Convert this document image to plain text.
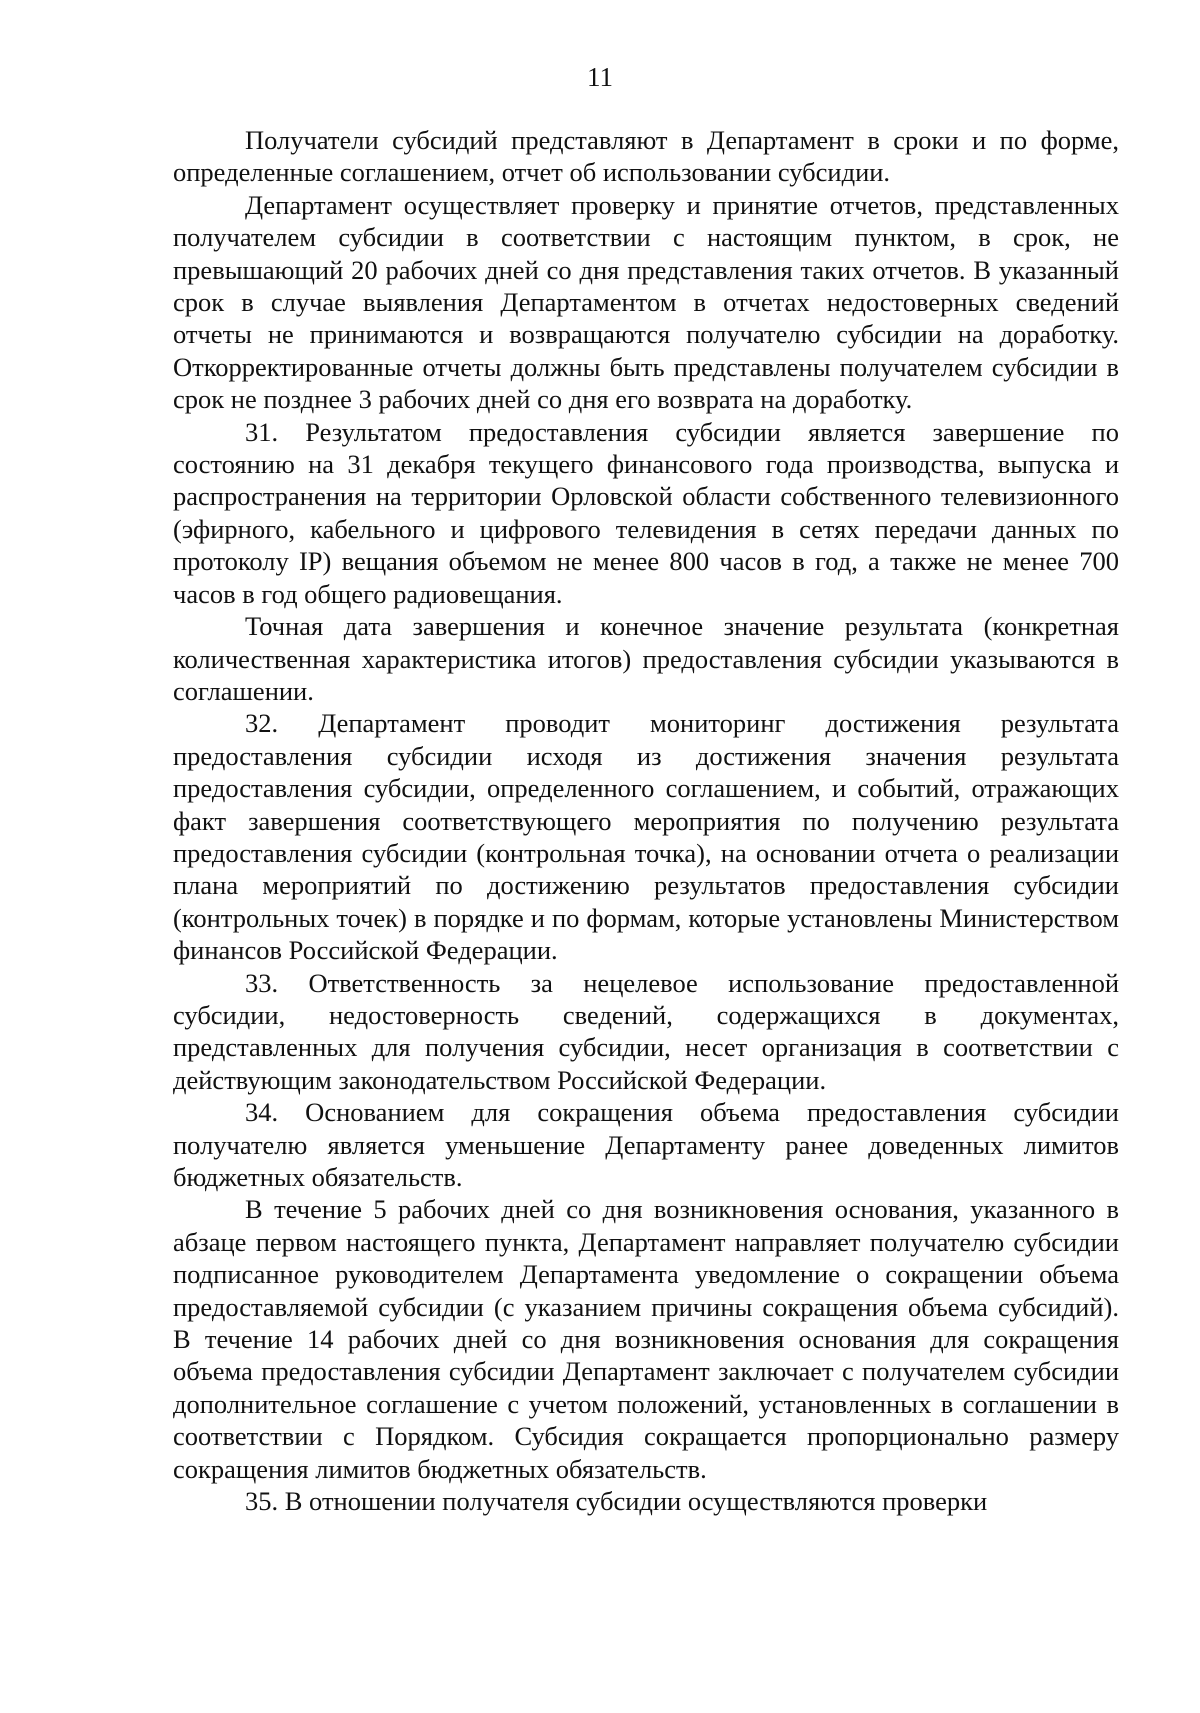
11

Получатели субсидий представляют в Департамент в сроки и по форме, определенные соглашением, отчет об использовании субсидии.

Департамент осуществляет проверку и принятие отчетов, представленных получателем субсидии в соответствии с настоящим пунктом, в срок, не превышающий 20 рабочих дней со дня представления таких отчетов. В указанный срок в случае выявления Департаментом в отчетах недостоверных сведений отчеты не принимаются и возвращаются получателю субсидии на доработку. Откорректированные отчеты должны быть представлены получателем субсидии в срок не позднее 3 рабочих дней со дня его возврата на доработку.

31. Результатом предоставления субсидии является завершение по состоянию на 31 декабря текущего финансового года производства, выпуска и распространения на территории Орловской области собственного телевизионного (эфирного, кабельного и цифрового телевидения в сетях передачи данных по протоколу IP) вещания объемом не менее 800 часов в год, а также не менее 700 часов в год общего радиовещания.

Точная дата завершения и конечное значение результата (конкретная количественная характеристика итогов) предоставления субсидии указываются в соглашении.

32. Департамент проводит мониторинг достижения результата предоставления субсидии исходя из достижения значения результата предоставления субсидии, определенного соглашением, и событий, отражающих факт завершения соответствующего мероприятия по получению результата предоставления субсидии (контрольная точка), на основании отчета о реализации плана мероприятий по достижению результатов предоставления субсидии (контрольных точек) в порядке и по формам, которые установлены Министерством финансов Российской Федерации.

33. Ответственность за нецелевое использование предоставленной субсидии, недостоверность сведений, содержащихся в документах, представленных для получения субсидии, несет организация в соответствии с действующим законодательством Российской Федерации.

34. Основанием для сокращения объема предоставления субсидии получателю является уменьшение Департаменту ранее доведенных лимитов бюджетных обязательств.

В течение 5 рабочих дней со дня возникновения основания, указанного в абзаце первом настоящего пункта, Департамент направляет получателю субсидии подписанное руководителем Департамента уведомление о сокращении объема предоставляемой субсидии (с указанием причины сокращения объема субсидий). В течение 14 рабочих дней со дня возникновения основания для сокращения объема предоставления субсидии Департамент заключает с получателем субсидии дополнительное соглашение с учетом положений, установленных в соглашении в соответствии с Порядком. Субсидия сокращается пропорционально размеру сокращения лимитов бюджетных обязательств.

35. В отношении получателя субсидии осуществляются проверки
